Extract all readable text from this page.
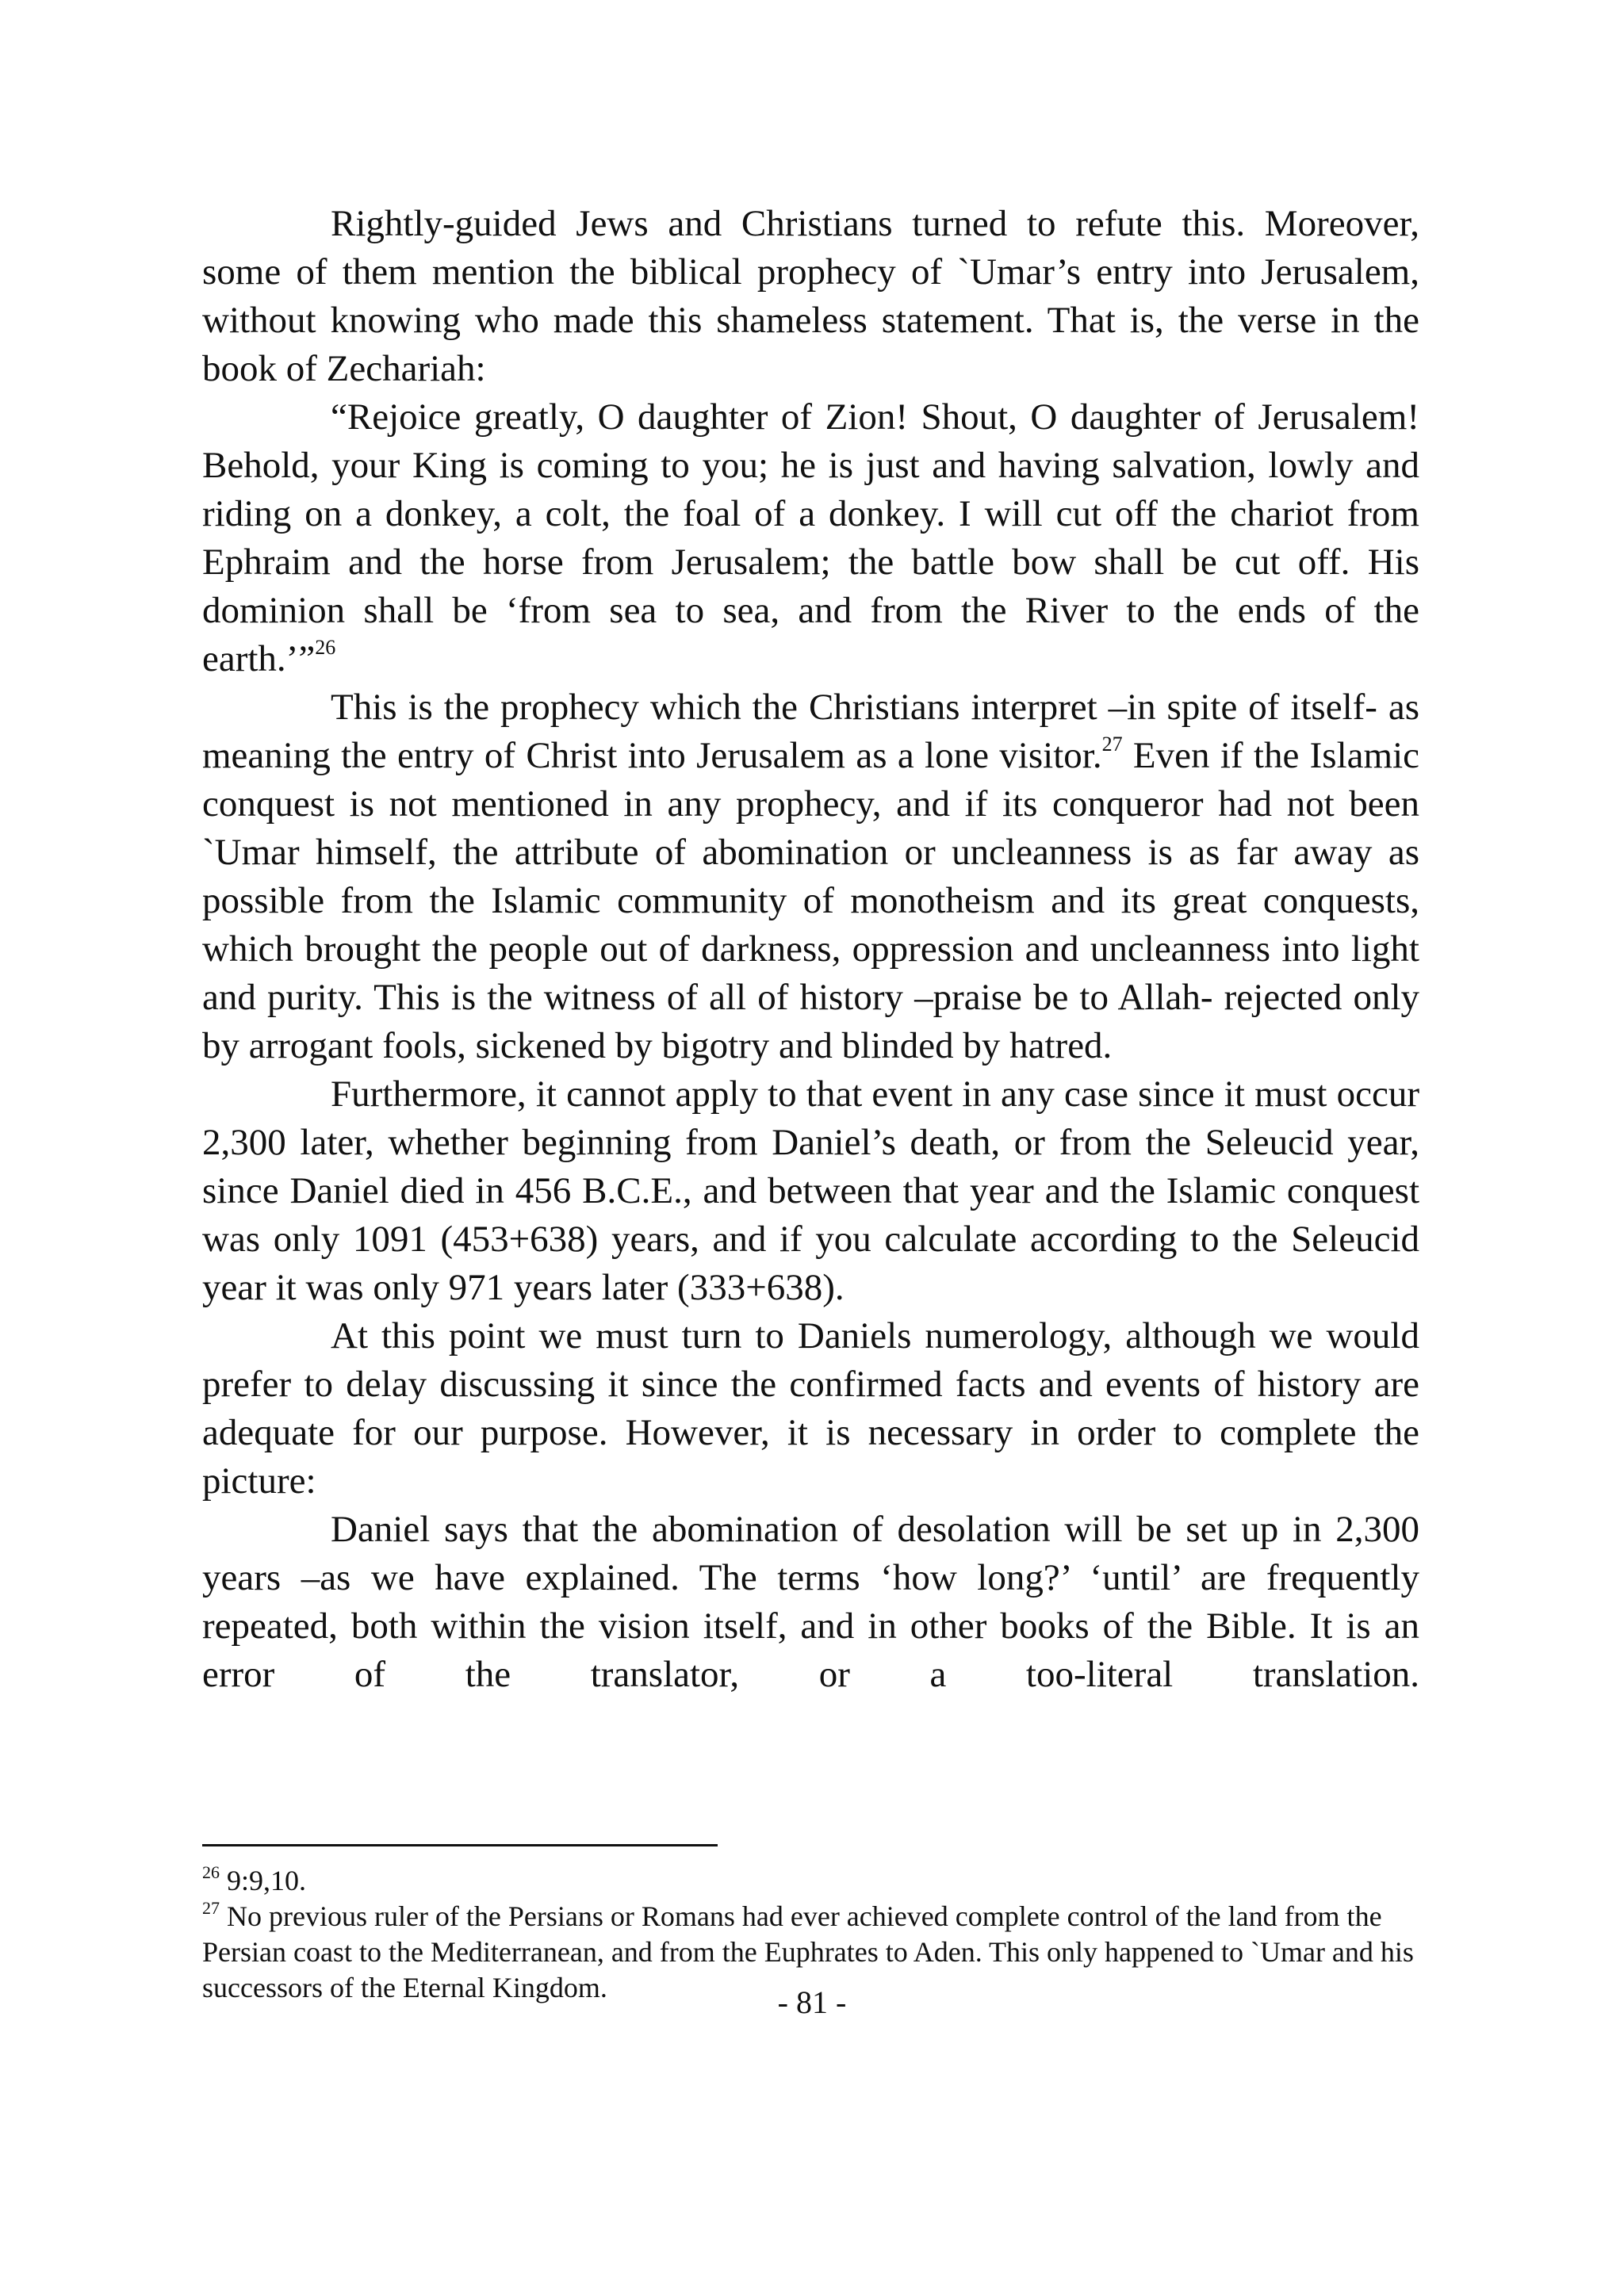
Rightly-guided Jews and Christians turned to refute this. Moreover, some of them mention the biblical prophecy of `Umar’s entry into Jerusalem, without knowing who made this shameless statement. That is, the verse in the book of Zechariah:

“Rejoice greatly, O daughter of Zion! Shout, O daughter of Jerusalem! Behold, your King is coming to you; he is just and having salvation, lowly and riding on a donkey, a colt, the foal of a donkey. I will cut off the chariot from Ephraim and the horse from Jerusalem; the battle bow shall be cut off. His dominion shall be ‘from sea to sea, and from the River to the ends of the earth.’”$^{26}$

This is the prophecy which the Christians interpret –in spite of itself- as meaning the entry of Christ into Jerusalem as a lone visitor.$^{27}$ Even if the Islamic conquest is not mentioned in any prophecy, and if its conqueror had not been `Umar himself, the attribute of abomination or uncleanness is as far away as possible from the Islamic community of monotheism and its great conquests, which brought the people out of darkness, oppression and uncleanness into light and purity. This is the witness of all of history –praise be to Allah- rejected only by arrogant fools, sickened by bigotry and blinded by hatred.

Furthermore, it cannot apply to that event in any case since it must occur 2,300 later, whether beginning from Daniel’s death, or from the Seleucid year, since Daniel died in 456 B.C.E., and between that year and the Islamic conquest was only 1091 (453+638) years, and if you calculate according to the Seleucid year it was only 971 years later (333+638).

At this point we must turn to Daniels numerology, although we would prefer to delay discussing it since the confirmed facts and events of history are adequate for our purpose. However, it is necessary in order to complete the picture:

Daniel says that the abomination of desolation will be set up in 2,300 years –as we have explained. The terms ‘how long?’ ‘until’ are frequently repeated, both within the vision itself, and in other books of the Bible. It is an error of the translator, or a too-literal translation.

$^{26}$ 9:9,10.

$^{27}$ No previous ruler of the Persians or Romans had ever achieved complete control of the land from the Persian coast to the Mediterranean, and from the Euphrates to Aden. This only happened to `Umar and his successors of the Eternal Kingdom.	- 81 -
